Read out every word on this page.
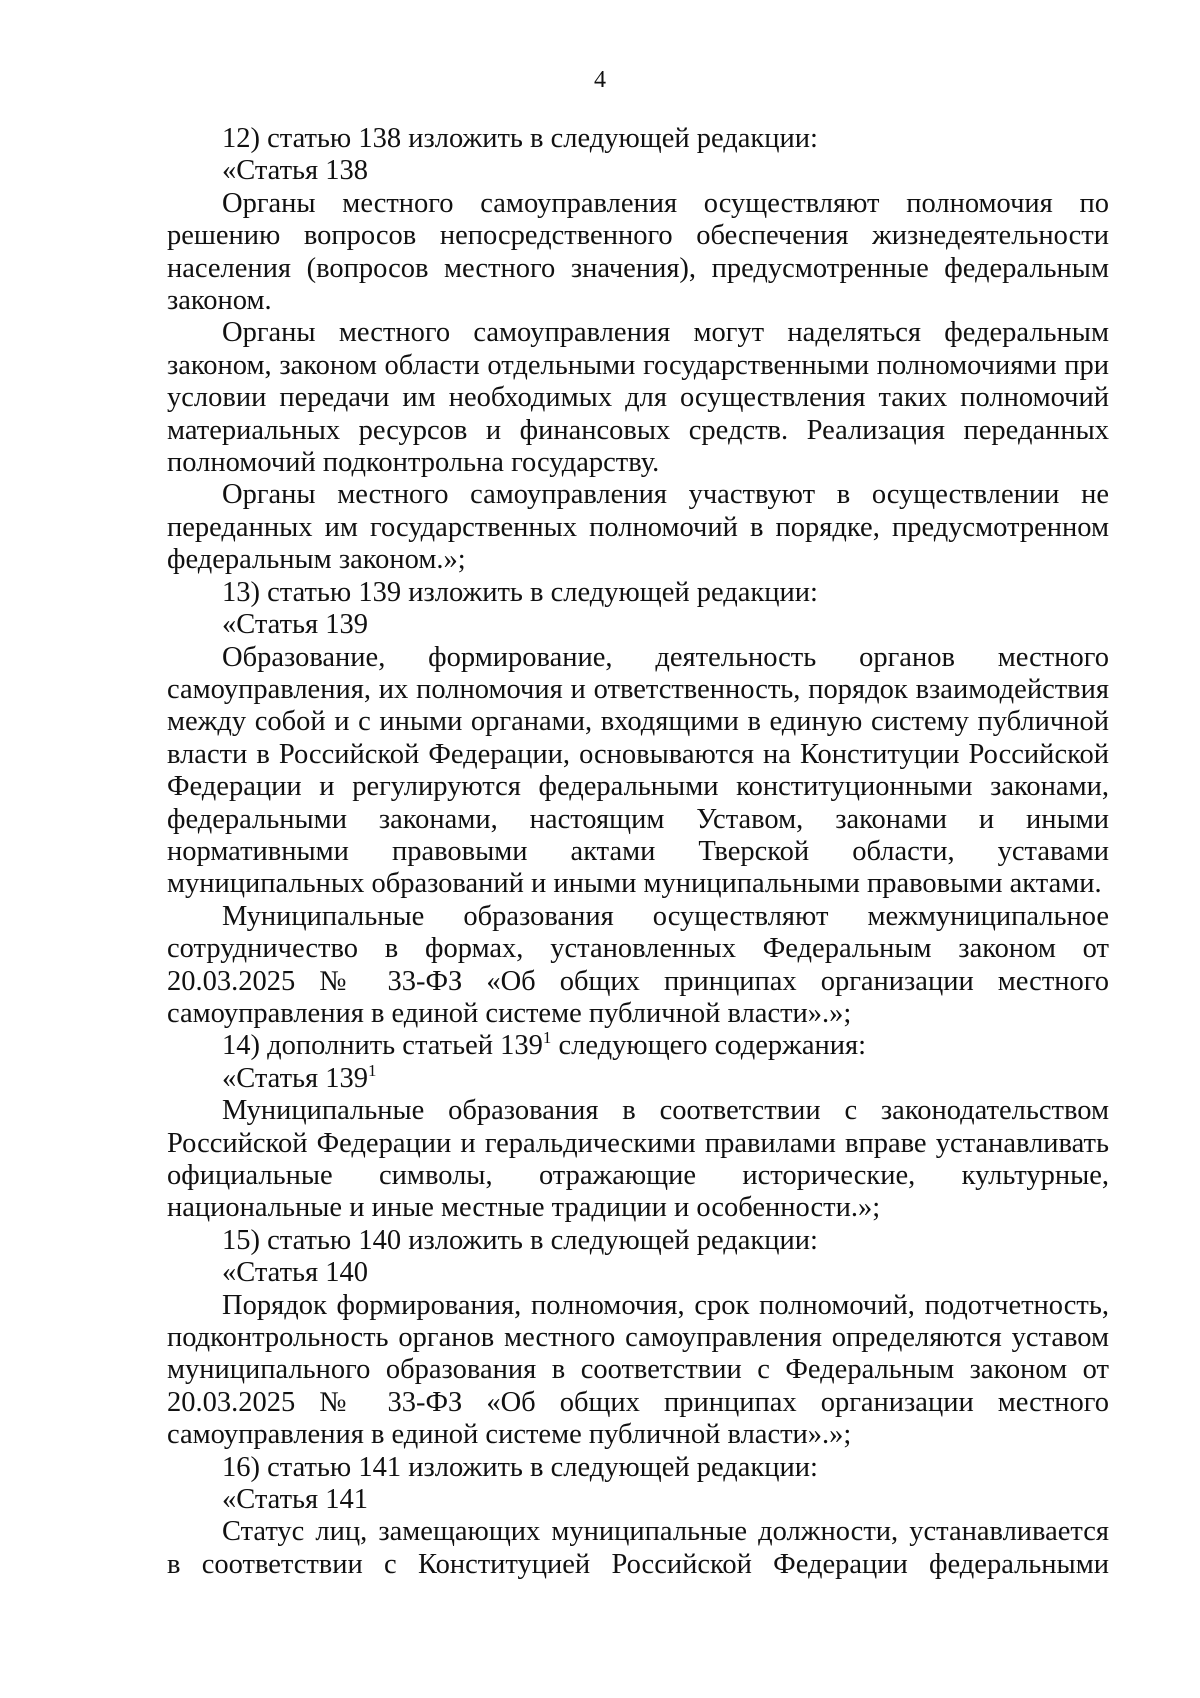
4

12) статью 138 изложить в следующей редакции:

«Статья 138

Органы местного самоуправления осуществляют полномочия по решению вопросов непосредственного обеспечения жизнедеятельности населения (вопросов местного значения), предусмотренные федеральным законом.

Органы местного самоуправления могут наделяться федеральным законом, законом области отдельными государственными полномочиями при условии передачи им необходимых для осуществления таких полномочий материальных ресурсов и финансовых средств. Реализация переданных полномочий подконтрольна государству.

Органы местного самоуправления участвуют в осуществлении не переданных им государственных полномочий в порядке, предусмотренном федеральным законом.»;

13) статью 139 изложить в следующей редакции:

«Статья 139

Образование, формирование, деятельность органов местного самоуправления, их полномочия и ответственность, порядок взаимодействия между собой и с иными органами, входящими в единую систему публичной власти в Российской Федерации, основываются на Конституции Российской Федерации и регулируются федеральными конституционными законами, федеральными законами, настоящим Уставом, законами и иными нормативными правовыми актами Тверской области, уставами муниципальных образований и иными муниципальными правовыми актами.

Муниципальные образования осуществляют межмуниципальное сотрудничество в формах, установленных Федеральным законом от 20.03.2025 № 33-ФЗ «Об общих принципах организации местного самоуправления в единой системе публичной власти».»;

14) дополнить статьей $139^1$ следующего содержания:

«Статья $139^1$

Муниципальные образования в соответствии с законодательством Российской Федерации и геральдическими правилами вправе устанавливать официальные символы, отражающие исторические, культурные, национальные и иные местные традиции и особенности.»;

15) статью 140 изложить в следующей редакции:

«Статья 140

Порядок формирования, полномочия, срок полномочий, подотчетность, подконтрольность органов местного самоуправления определяются уставом муниципального образования в соответствии с Федеральным законом от 20.03.2025 № 33-ФЗ «Об общих принципах организации местного самоуправления в единой системе публичной власти».»;

16) статью 141 изложить в следующей редакции:

«Статья 141

Статус лиц, замещающих муниципальные должности, устанавливается в соответствии с Конституцией Российской Федерации федеральными
